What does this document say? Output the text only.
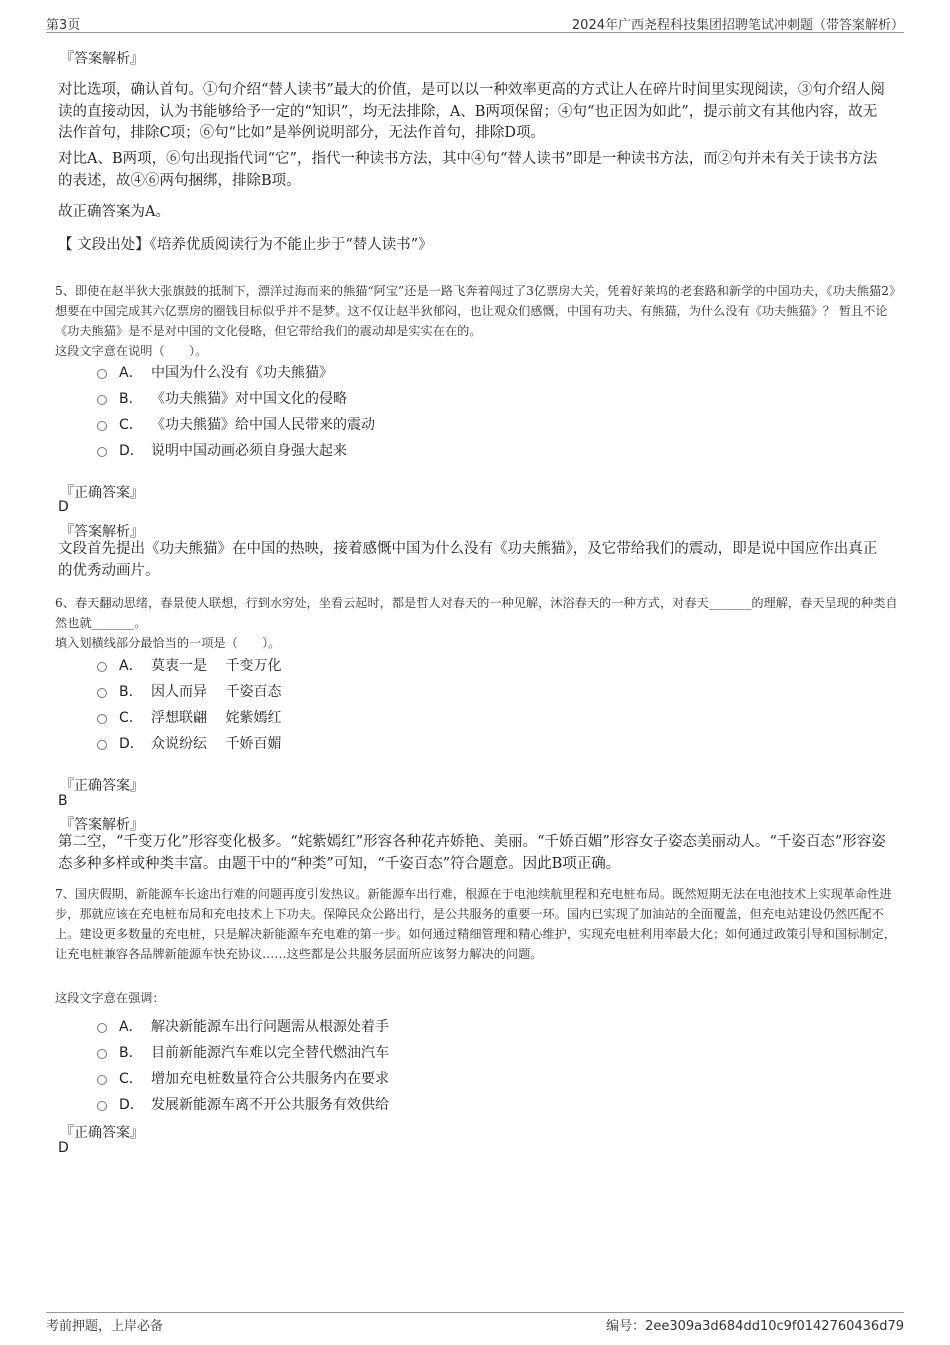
第3页	2024年广西尧程科技集团招聘笔试冲刺题（带答案解析）
『答案解析』
对比选项，确认首句。①句介绍“替人读书”最大的价值，是可以以一种效率更高的方式让人在碎片时间里实现阅读，③句介绍人阅读的直接动因，认为书能够给予一定的“知识”，均无法排除，A、B两项保留；④句“也正因为如此”，提示前文有其他内容，故无法作首句，排除C项；⑥句“比如”是举例说明部分，无法作首句，排除D项。
对比A、B两项，⑥句出现指代词“它”，指代一种读书方法，其中④句“替人读书”即是一种读书方法，而②句并未有关于读书方法的表述，故④⑥两句捆绑，排除B项。
故正确答案为A。
【 文段出处】《培养优质阅读行为不能止步于“替人读书”》
5、即使在赵半狄大张旗鼓的抵制下，漂洋过海而来的熊猫“阿宝”还是一路飞奔着闯过了3亿票房大关，凭着好莱坞的老套路和新学的中国功夫，《功夫熊猫2》想要在中国完成其六亿票房的圈钱目标似乎并不是梦。这不仅让赵半狄郁闷，也让观众们感慨，中国有功夫、有熊猫，为什么没有《功夫熊猫》？ 暂且不论《功夫熊猫》是不是对中国的文化侵略，但它带给我们的震动却是实实在在的。
这段文字意在说明（　　）。
A． 中国为什么没有《功夫熊猫》
B． 《功夫熊猫》对中国文化的侵略
C． 《功夫熊猫》给中国人民带来的震动
D． 说明中国动画必须自身强大起来
『正确答案』
D
『答案解析』
文段首先提出《功夫熊猫》在中国的热映，接着感慨中国为什么没有《功夫熊猫》，及它带给我们的震动，即是说中国应作出真正的优秀动画片。
6、春天翻动思绪，春景使人联想，行到水穷处，坐看云起时，都是哲人对春天的一种见解，沐浴春天的一种方式，对春天_______的理解，春天呈现的种类自然也就_______。
填入划横线部分最恰当的一项是（　　）。
A． 莫衷一是　 千变万化
B． 因人而异　 千姿百态
C． 浮想联翩　 姹紫嫣红
D． 众说纷纭　 千娇百媚
『正确答案』
B
『答案解析』
第二空，“千变万化”形容变化极多。“姹紫嫣红”形容各种花卉娇艳、美丽。“千娇百媚”形容女子姿态美丽动人。“千姿百态”形容姿态多种多样或种类丰富。由题干中的“种类”可知，“千姿百态”符合题意。因此B项正确。
7、国庆假期，新能源车长途出行难的问题再度引发热议。新能源车出行难，根源在于电池续航里程和充电桩布局。既然短期无法在电池技术上实现革命性进步，那就应该在充电桩布局和充电技术上下功夫。保障民众公路出行，是公共服务的重要一环。国内已实现了加油站的全面覆盖，但充电站建设仍然匹配不上。建设更多数量的充电桩，只是解决新能源车充电难的第一步。如何通过精细管理和精心维护，实现充电桩利用率最大化；如何通过政策引导和国标制定，让充电桩兼容各品牌新能源车快充协议……这些都是公共服务层面所应该努力解决的问题。
这段文字意在强调：
A． 解决新能源车出行问题需从根源处着手
B． 目前新能源汽车难以完全替代燃油汽车
C． 增加充电桩数量符合公共服务内在要求
D． 发展新能源车离不开公共服务有效供给
『正确答案』
D
考前押题，上岸必备	编号：2ee309a3d684dd10c9f0142760436d79
